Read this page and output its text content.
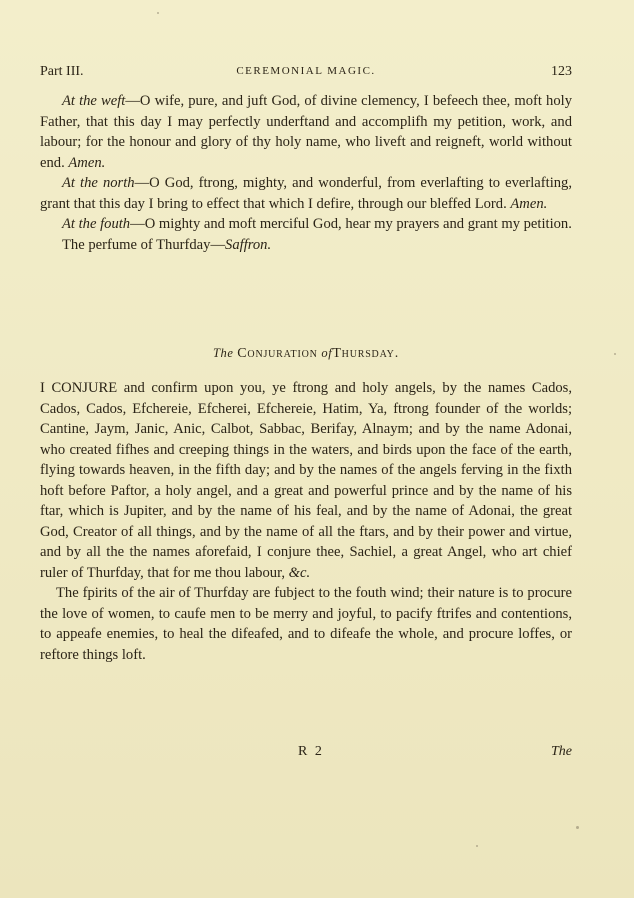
Part III.	CEREMONIAL MAGIC.	123

At the weft—O wife, pure, and juft God, of divine clemency, I befeech thee, moft holy Father, that this day I may perfectly underftand and accomplifh my petition, work, and labour; for the honour and glory of thy holy name, who liveft and reigneft, world without end. Amen.

At the north—O God, ftrong, mighty, and wonderful, from everlafting to everlafting, grant that this day I bring to effect that which I defire, through our bleffed Lord. Amen.

At the fouth—O mighty and moft merciful God, hear my prayers and grant my petition.

The perfume of Thurfday—Saffron.

The Conjuration ofThursday.

I CONJURE and confirm upon you, ye ftrong and holy angels, by the names Cados, Cados, Cados, Efchereie, Efcherei, Efchereie, Hatim, Ya, ftrong founder of the worlds; Cantine, Jaym, Janic, Anic, Calbot, Sabbac, Berifay, Alnaym; and by the name Adonai, who created fifhes and creeping things in the waters, and birds upon the face of the earth, flying towards heaven, in the fifth day; and by the names of the angels ferving in the fixth hoft before Paftor, a holy angel, and a great and powerful prince and by the name of his ftar, which is Jupiter, and by the name of his feal, and by the name of Adonai, the great God, Creator of all things, and by the name of all the ftars, and by their power and virtue, and by all the the names aforefaid, I conjure thee, Sachiel, a great Angel, who art chief ruler of Thurfday, that for me thou labour, &c.

The fpirits of the air of Thurfday are fubject to the fouth wind; their nature is to procure the love of women, to caufe men to be merry and joyful, to pacify ftrifes and contentions, to appeafe enemies, to heal the difeafed, and to difeafe the whole, and procure loffes, or reftore things loft.

R 2	The
